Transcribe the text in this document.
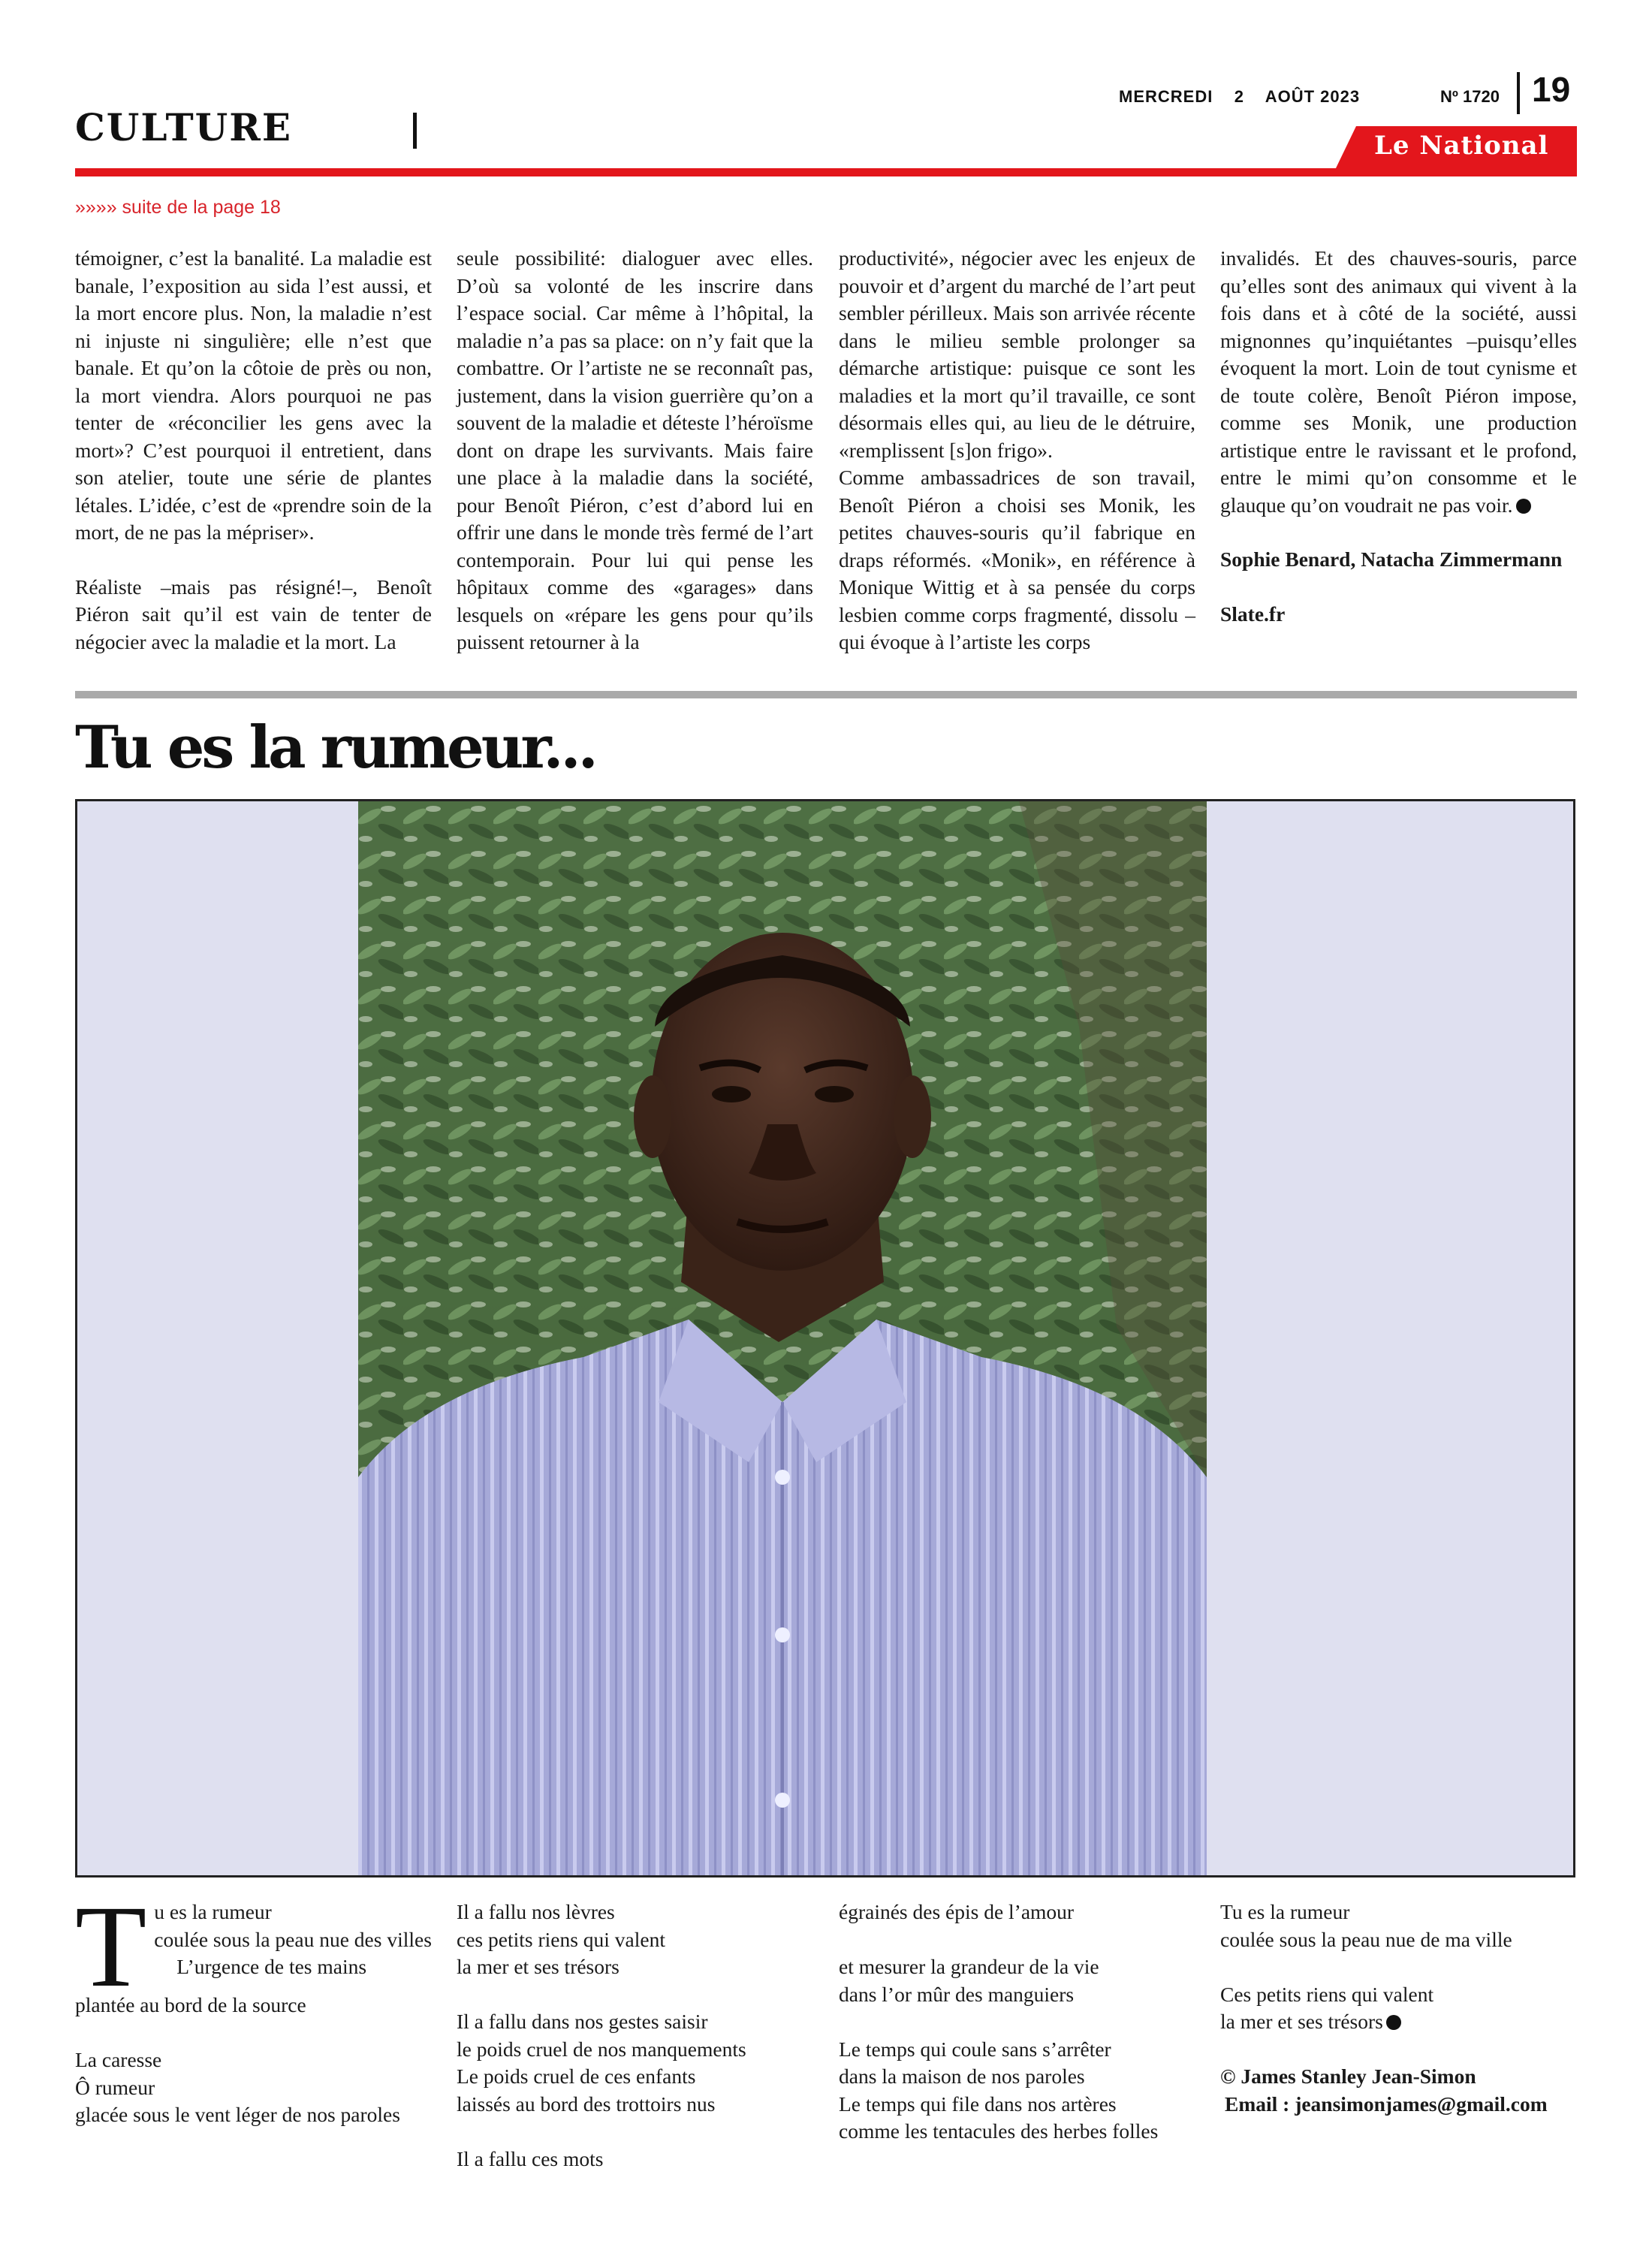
CULTURE
MERCREDI 2 AOÛT 2023	Nº 1720 19
Le National
»»»» suite de la page 18

témoigner, c’est la banalité. La maladie est banale, l’exposition au sida l’est aussi, et la mort encore plus. Non, la maladie n’est ni injuste ni singulière; elle n’est que banale. Et qu’on la côtoie de près ou non, la mort viendra. Alors pourquoi ne pas tenter de «réconcilier les gens avec la mort»? C’est pourquoi il entretient, dans son atelier, toute une série de plantes létales. L’idée, c’est de «prendre soin de la mort, de ne pas la mépriser».

Réaliste –mais pas résigné!–, Benoît Piéron sait qu’il est vain de tenter de négocier avec la maladie et la mort. La

seule possibilité: dialoguer avec elles. D’où sa volonté de les inscrire dans l’espace social. Car même à l’hôpital, la maladie n’a pas sa place: on n’y fait que la combattre. Or l’artiste ne se reconnaît pas, justement, dans la vision guerrière qu’on a souvent de la maladie et déteste l’héroïsme dont on drape les survivants. Mais faire une place à la maladie dans la société, pour Benoît Piéron, c’est d’abord lui en offrir une dans le monde très fermé de l’art contemporain. Pour lui qui pense les hôpitaux comme des «garages» dans lesquels on «répare les gens pour qu’ils puissent retourner à la

productivité», négocier avec les enjeux de pouvoir et d’argent du marché de l’art peut sembler périlleux. Mais son arrivée récente dans le milieu semble prolonger sa démarche artistique: puisque ce sont les maladies et la mort qu’il travaille, ce sont désormais elles qui, au lieu de le détruire, «remplissent [s]on frigo».

Comme ambassadrices de son travail, Benoît Piéron a choisi ses Monik, les petites chauves-souris qu’il fabrique en draps réformés. «Monik», en référence à Monique Wittig et à sa pensée du corps lesbien comme corps fragmenté, dissolu –qui évoque à l’artiste les corps

invalidés. Et des chauves-souris, parce qu’elles sont des animaux qui vivent à la fois dans et à côté de la société, aussi mignonnes qu’inquiétantes –puisqu’elles évoquent la mort. Loin de tout cynisme et de toute colère, Benoît Piéron impose, comme ses Monik, une production artistique entre le ravissant et le profond, entre le mimi qu’on consomme et le glauque qu’on voudrait ne pas voir.

Sophie Benard, Natacha Zimmermann

Slate.fr

Tu es la rumeur...
T u es la rumeur
coulée sous la peau nue des villes
L’urgence de tes mains
plantée au bord de la source
La caresse
Ô rumeur
glacée sous le vent léger de nos paroles
Il a fallu nos lèvres
ces petits riens qui valent
la mer et ses trésors
Il a fallu dans nos gestes saisir
le poids cruel de nos manquements
Le poids cruel de ces enfants
laissés au bord des trottoirs nus
Il a fallu ces mots
égrainés des épis de l’amour
et mesurer la grandeur de la vie
dans l’or mûr des manguiers
Le temps qui coule sans s’arrêter
dans la maison de nos paroles
Le temps qui file dans nos artères
comme les tentacules des herbes folles
Tu es la rumeur
coulée sous la peau nue de ma ville
Ces petits riens qui valent
la mer et ses trésors
© James Stanley Jean-Simon
Email : jeansimonjames@gmail.com
